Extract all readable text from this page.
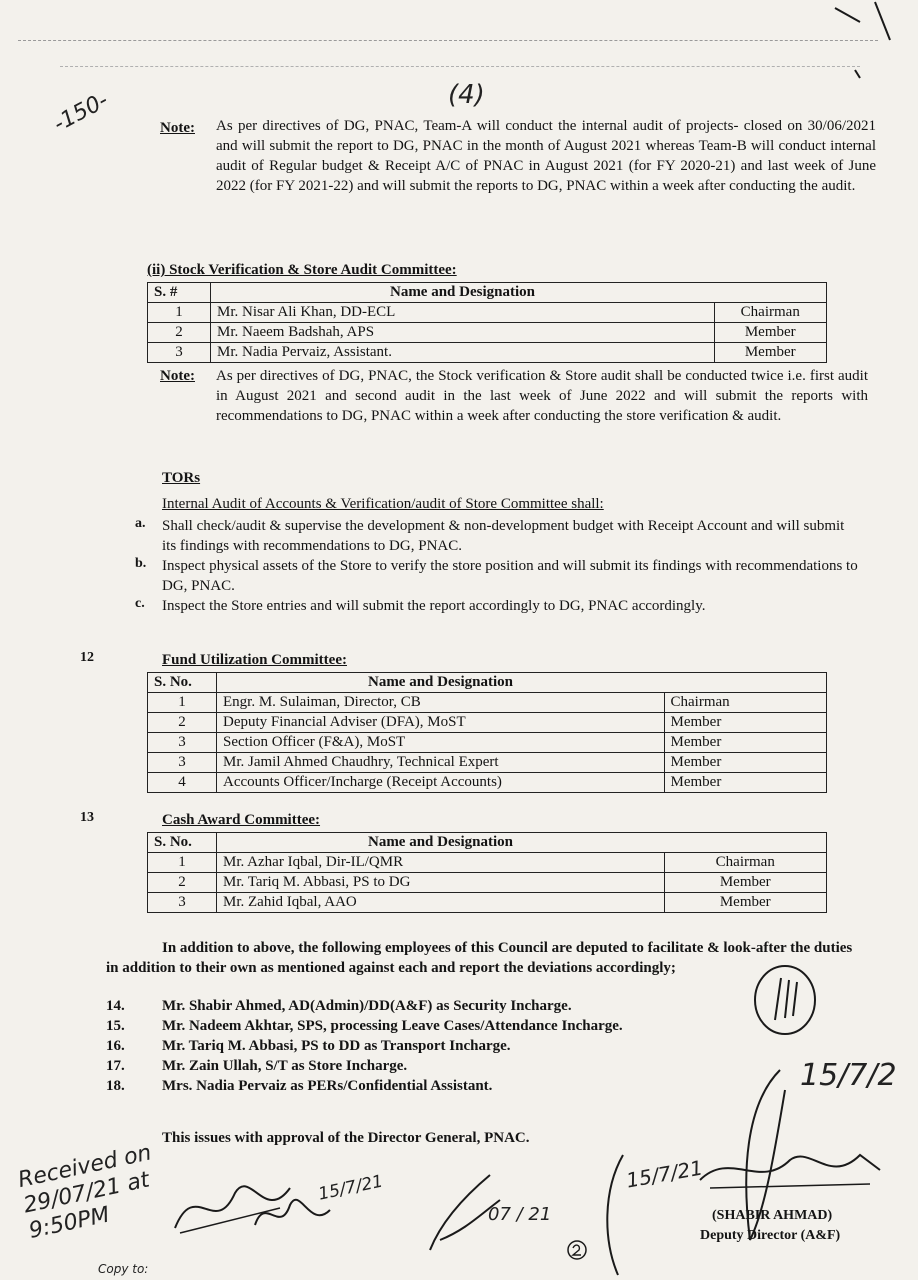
(4)
-150-	Note: As per directives of DG, PNAC, Team-A will conduct the internal audit of projects- closed on 30/06/2021 and will submit the report to DG, PNAC in the month of August 2021 whereas Team-B will conduct internal audit of Regular budget & Receipt A/C of PNAC in August 2021 (for FY 2020-21) and last week of June 2022 (for FY 2021-22) and will submit the reports to DG, PNAC within a week after conducting the audit.
(ii) Stock Verification & Store Audit Committee:
S. #	Name and Designation	
1	Mr. Nisar Ali Khan, DD-ECL	Chairman
2	Mr. Naeem Badshah, APS	Member
3	Mr. Nadia Pervaiz, Assistant.	Member
Note: As per directives of DG, PNAC, the Stock verification & Store audit shall be conducted twice i.e. first audit in August 2021 and second audit in the last week of June 2022 and will submit the reports with recommendations to DG, PNAC within a week after conducting the store verification & audit.
TORs
Internal Audit of Accounts & Verification/audit of Store Committee shall:
a. Shall check/audit & supervise the development & non-development budget with Receipt Account and will submit its findings with recommendations to DG, PNAC.
b. Inspect physical assets of the Store to verify the store position and will submit its findings with recommendations to DG, PNAC.
c. Inspect the Store entries and will submit the report accordingly to DG, PNAC accordingly.
12	Fund Utilization Committee:
S. No.	Name and Designation	
1	Engr. M. Sulaiman, Director, CB	Chairman
2	Deputy Financial Adviser (DFA), MoST	Member
3	Section Officer (F&A), MoST	Member
3	Mr. Jamil Ahmed Chaudhry, Technical Expert	Member
4	Accounts Officer/Incharge (Receipt Accounts)	Member
13	Cash Award Committee:
S. No.	Name and Designation	
1	Mr. Azhar Iqbal, Dir-IL/QMR	Chairman
2	Mr. Tariq M. Abbasi, PS to DG	Member
3	Mr. Zahid Iqbal, AAO	Member
In addition to above, the following employees of this Council are deputed to facilitate & look-after the duties in addition to their own as mentioned against each and report the deviations accordingly;
14. Mr. Shabir Ahmed, AD(Admin)/DD(A&F) as Security Incharge.
15. Mr. Nadeem Akhtar, SPS, processing Leave Cases/Attendance Incharge.
16. Mr. Tariq M. Abbasi, PS to DD as Transport Incharge.
17. Mr. Zain Ullah, S/T as Store Incharge.
18. Mrs. Nadia Pervaiz as PERs/Confidential Assistant.
This issues with approval of the Director General, PNAC.
(SHABIR AHMAD)
Deputy Director (A&F)
Received on 29/07/21 at 9:50PM
15/7/2
15/7/21	15/7/21
07 / 21
Copy to:
